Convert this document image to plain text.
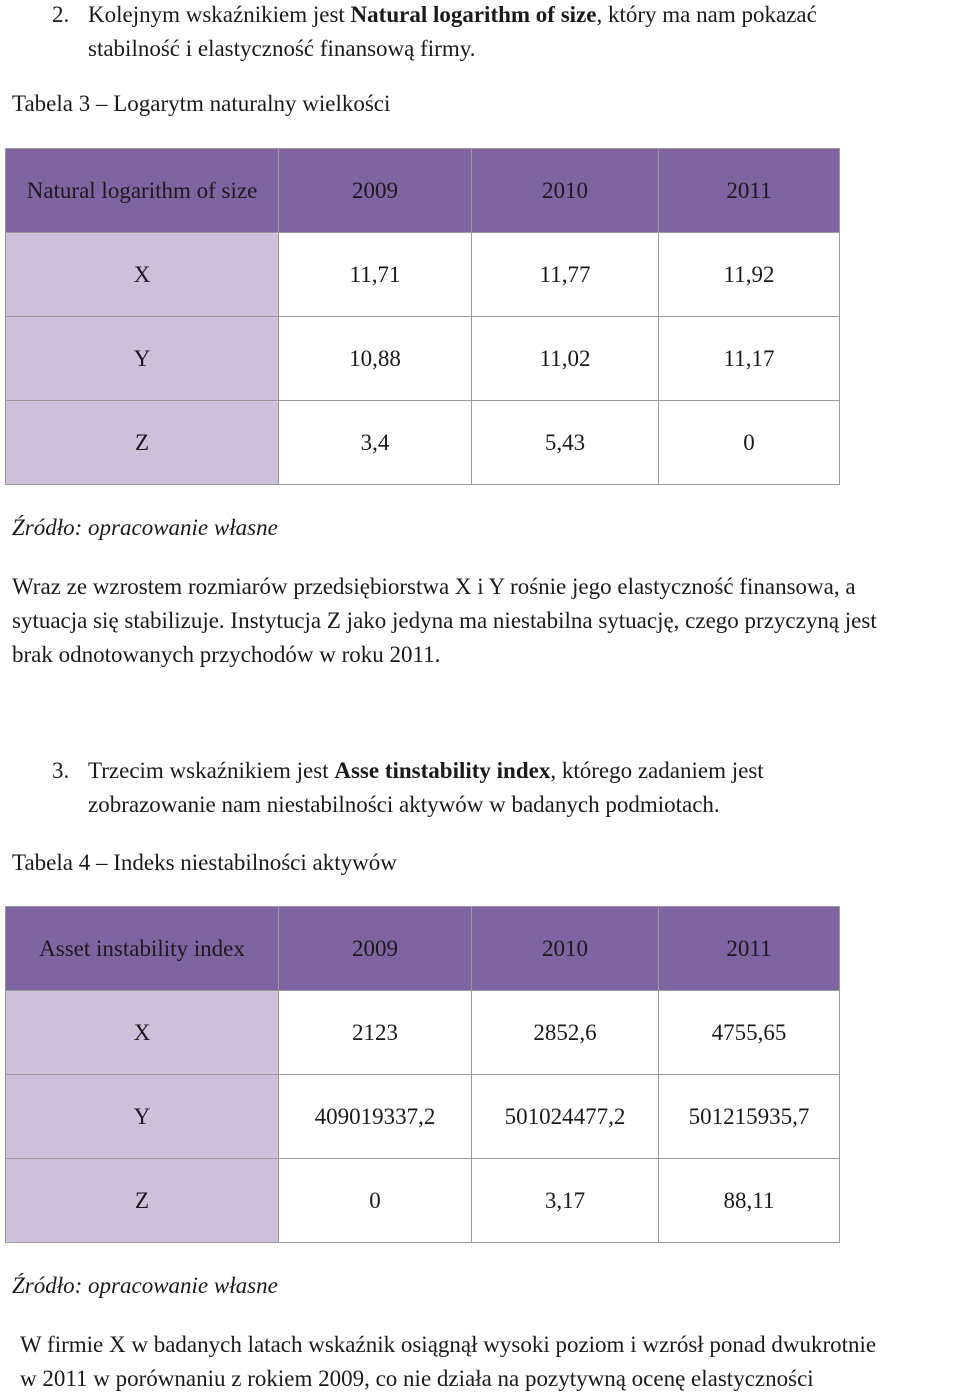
2. Kolejnym wskaźnikiem jest Natural logarithm of size, który ma nam pokazać
stabilność i elastyczność finansową firmy.
Tabela 3 – Logarytm naturalny wielkości
Natural logarithm of size	2009	2010	2011
X	11,71	11,77	11,92
Y	10,88	11,02	11,17
Z	3,4	5,43	0
Źródło: opracowanie własne
Wraz ze wzrostem rozmiarów przedsiębiorstwa X i Y rośnie jego elastyczność finansowa, a
sytuacja się stabilizuje. Instytucja Z jako jedyna ma niestabilna sytuację, czego przyczyną jest
brak odnotowanych przychodów w roku 2011.
3. Trzecim wskaźnikiem jest Asse tinstability index, którego zadaniem jest
zobrazowanie nam niestabilności aktywów w badanych podmiotach.
Tabela 4 – Indeks niestabilności aktywów
Asset instability index	2009	2010	2011
X	2123	2852,6	4755,65
Y	409019337,2	501024477,2	501215935,7
Z	0	3,17	88,11
Źródło: opracowanie własne
W firmie X w badanych latach wskaźnik osiągnął wysoki poziom i wzrósł ponad dwukrotnie
w 2011 w porównaniu z rokiem 2009, co nie działa na pozytywną ocenę elastyczności
